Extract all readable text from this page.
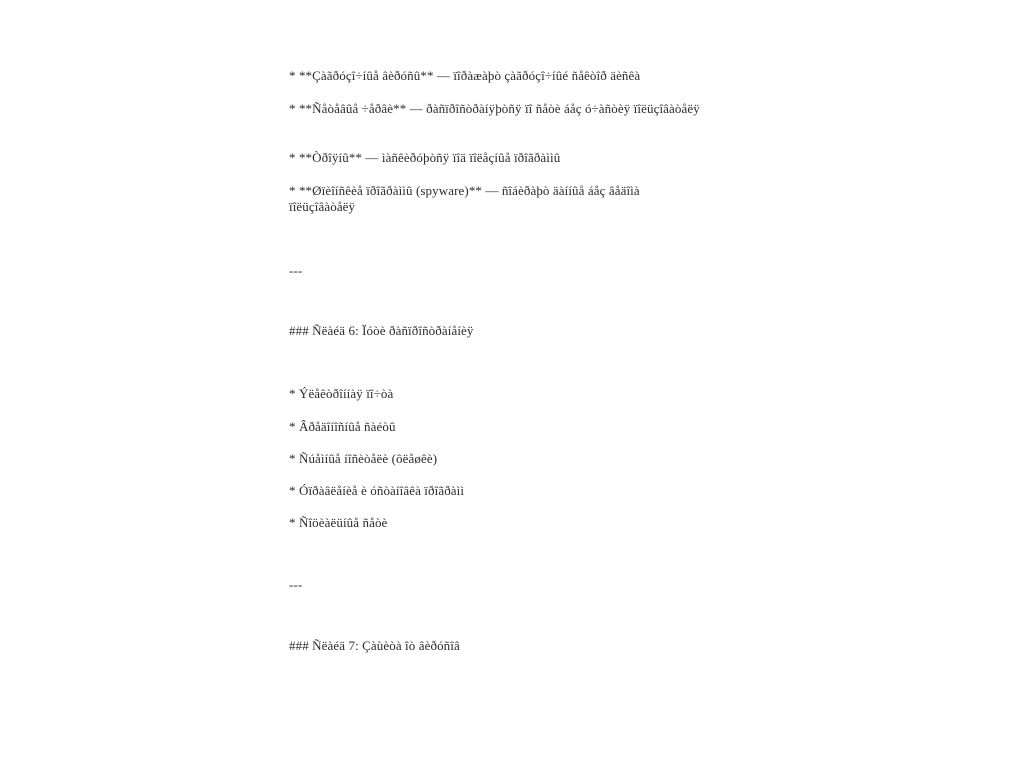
* **Çàãðóçî÷íûå âèðóñû** — ïîðàæàþò çàãðóçî÷íûé ñåêòîð äèñêà
* **Ñåòåâûå ÷åðâè** — ðàñïðîñòðàíÿþòñÿ ïî ñåòè áåç ó÷àñòèÿ ïîëüçîâàòåëÿ
* **Òðîÿíû** — ìàñêèðóþòñÿ ïîä ïîëåçíûå ïðîãðàììû
* **Øïèîíñêèå ïðîãðàììû (spyware)** — ñîáèðàþò äàííûå áåç âåäîìà ïîëüçîâàòåëÿ
---
### Ñëàéä 6: Ïóòè ðàñïðîñòðàíåíèÿ
* Ýëåêòðîííàÿ ïî÷òà
* Âðåäîíîñíûå ñàéòû
* Ñúåìíûå íîñèòåëè (ôëåøêè)
* Óïðàâëåíèå è óñòàíîâêà ïðîãðàìì
* Ñîöèàëüíûå ñåòè
---
### Ñëàéä 7: Çàùèòà îò âèðóñîâ
